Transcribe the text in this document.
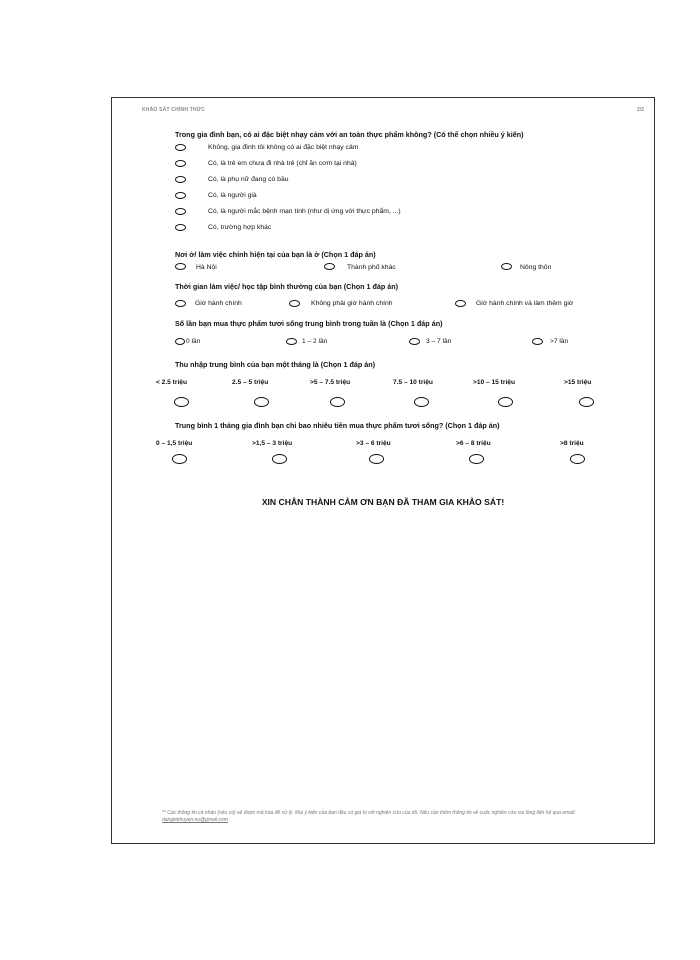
KHẢO SÁT CHÍNH THỨC	2/2
Trong gia đình bạn, có ai đặc biệt nhạy cảm với an toàn thực phẩm không? (Có thể chọn nhiều ý kiến)
Không, gia đình tôi không có ai đặc biệt nhạy cảm
Có, là trẻ em chưa đi nhà trẻ (chỉ ăn cơm tại nhà)
Có, là phụ nữ đang có bầu
Có, là người già
Có, là người mắc bệnh mạn tính (như dị ứng với thực phẩm, ...)
Có, trường hợp khác
Nơi ở/ làm việc chính hiện tại của bạn là ở (Chọn 1 đáp án)
Hà Nội	Thành phố khác	Nông thôn
Thời gian làm việc/ học tập bình thường của bạn (Chọn 1 đáp án)
Giờ hành chính	Không phải giờ hành chính	Giờ hành chính và làm thêm giờ
Số lần bạn mua thực phẩm tươi sống trung bình trong tuần là (Chọn 1 đáp án)
0 lần	1 – 2 lần	3 – 7 lần	>7 lần
Thu nhập trung bình của bạn một tháng là (Chọn 1 đáp án)
< 2.5 triệu	2.5 – 5 triệu	>5 – 7.5 triệu	7.5 – 10 triệu	>10 – 15 triệu	>15 triệu
Trung bình 1 tháng gia đình bạn chi bao nhiêu tiền mua thực phẩm tươi sống? (Chọn 1 đáp án)
0 – 1,5 triệu	>1,5 – 3 triệu	>3 – 6 triệu	>6 – 8 triệu	>8 triệu
XIN CHÂN THÀNH CẢM ƠN BẠN ĐÃ THAM GIA KHẢO SÁT!
** Các thông tin cá nhân (nếu có) sẽ được mã hóa để xử lý. Mọi ý kiến của bạn đều có giá trị với nghiên cứu của tôi. Nếu cần thêm thông tin về cuộc nghiên cứu vui lòng liên hệ qua email: danglekhuyen.nu@gmail.com
